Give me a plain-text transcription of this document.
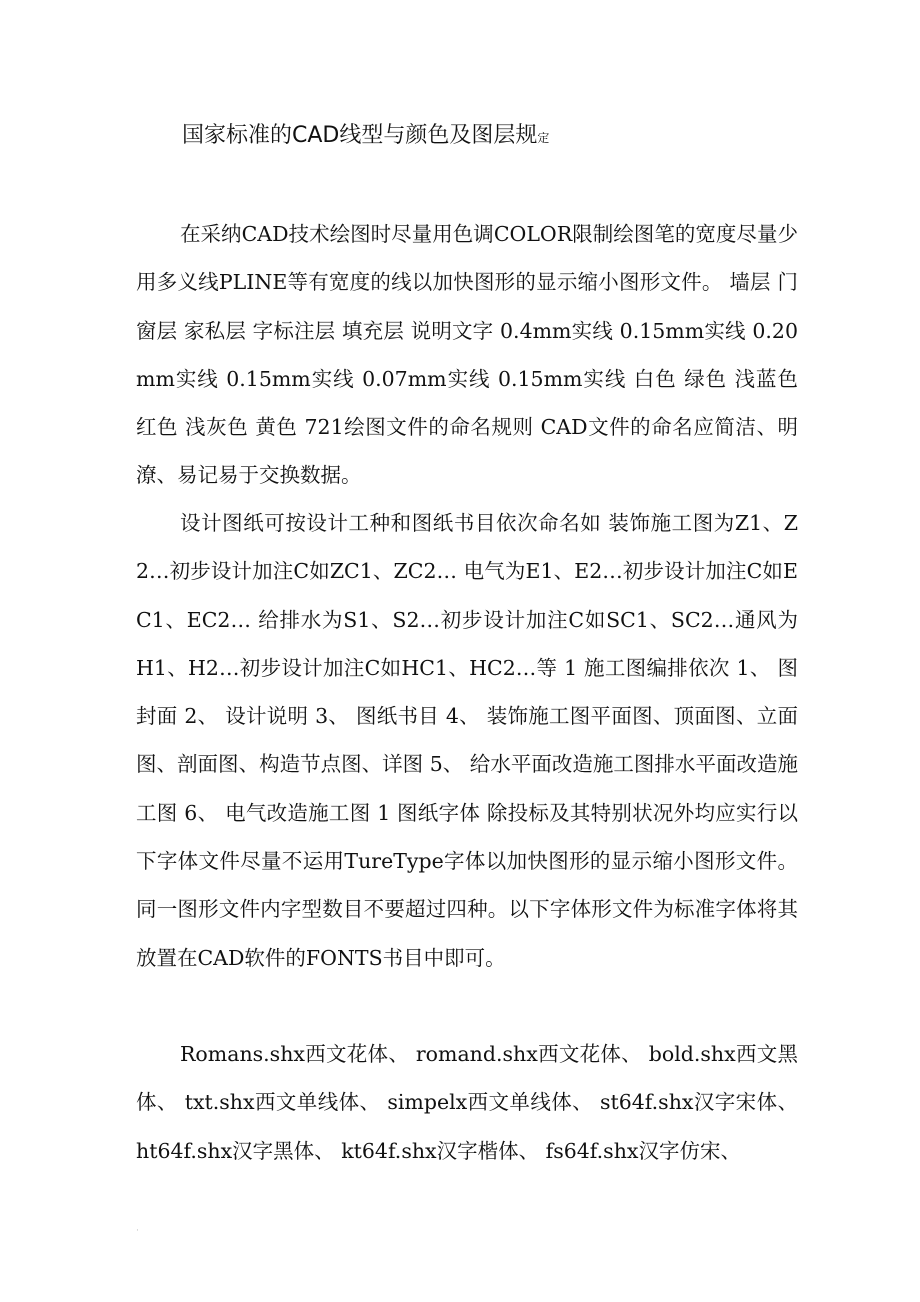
国家标准的CAD线型与颜色及图层规定

在采纳CAD技术绘图时尽量用色调COLOR限制绘图笔的宽度尽量少用多义线PLINE等有宽度的线以加快图形的显示缩小图形文件。 墙层 门窗层 家私层 字标注层 填充层 说明文字 0.4mm实线 0.15mm实线 0.20mm实线 0.15mm实线 0.07mm实线 0.15mm实线 白色 绿色 浅蓝色 红色 浅灰色 黄色 721绘图文件的命名规则 CAD文件的命名应简洁、明潦、易记易于交换数据。

设计图纸可按设计工种和图纸书目依次命名如 装饰施工图为Z1、Z2…初步设计加注C如ZC1、ZC2… 电气为E1、E2…初步设计加注C如EC1、EC2… 给排水为S1、S2…初步设计加注C如SC1、SC2…通风为H1、H2…初步设计加注C如HC1、HC2…等 1 施工图编排依次 1、 图封面 2、 设计说明 3、 图纸书目 4、 装饰施工图平面图、顶面图、立面图、剖面图、构造节点图、详图 5、 给水平面改造施工图排水平面改造施工图 6、 电气改造施工图 1 图纸字体 除投标及其特别状况外均应实行以下字体文件尽量不运用TureType字体以加快图形的显示缩小图形文件。同一图形文件内字型数目不要超过四种。以下字体形文件为标准字体将其放置在CAD软件的FONTS书目中即可。

Romans.shx西文花体、 romand.shx西文花体、 bold.shx西文黑体、 txt.shx西文单线体、 simpelx西文单线体、 st64f.shx汉字宋体、 ht64f.shx汉字黑体、 kt64f.shx汉字楷体、 fs64f.shx汉字仿宋、

·
